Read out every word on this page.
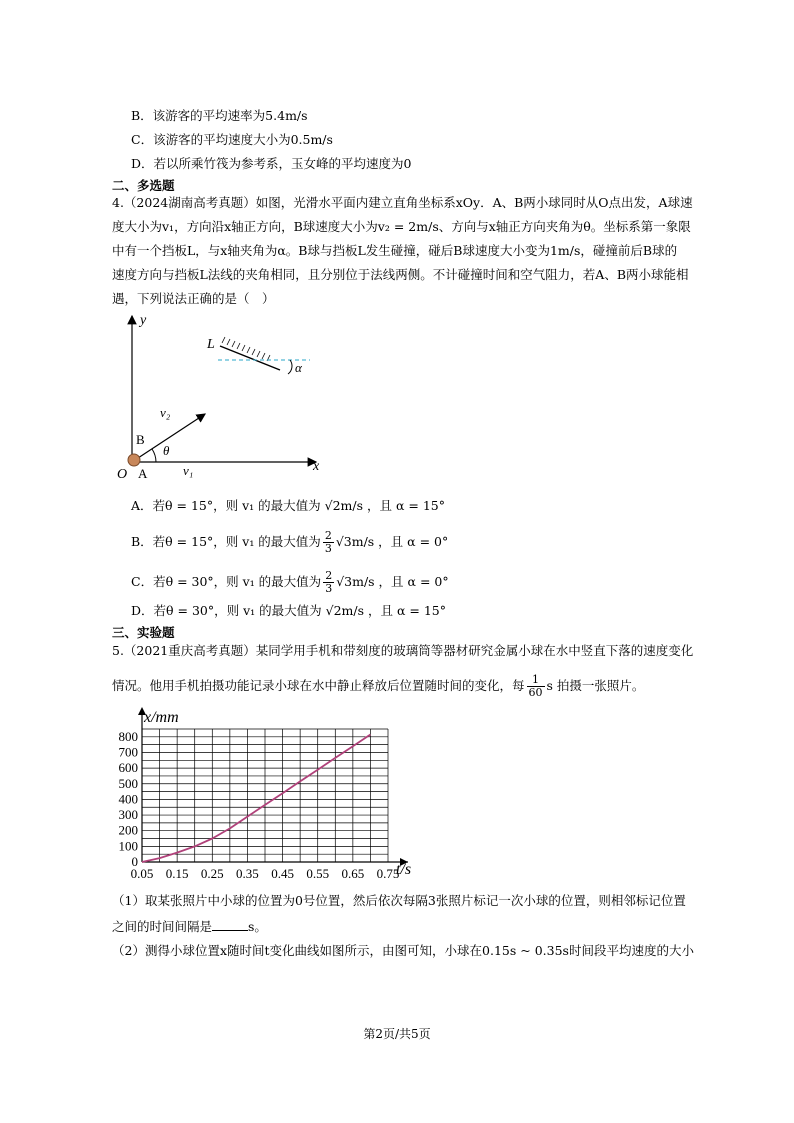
B．该游客的平均速率为5.4m/s
C．该游客的平均速度大小为0.5m/s
D．若以所乘竹筏为参考系，玉女峰的平均速度为0
二、多选题
4.（2024湖南高考真题）如图，光滑水平面内建立直角坐标系xOy．A、B两小球同时从O点出发，A球速
度大小为v₁，方向沿x轴正方向，B球速度大小为v₂ = 2m/s、方向与x轴正方向夹角为θ。坐标系第一象限
中有一个挡板L，与x轴夹角为α。B球与挡板L发生碰撞，碰后B球速度大小变为1m/s，碰撞前后B球的
速度方向与挡板L法线的夹角相同，且分别位于法线两侧。不计碰撞时间和空气阻力，若A、B两小球能相
遇，下列说法正确的是（　）
y
x
O A
B
v₂
θ
v₁
L
α
A．若θ = 15°，则 v₁ 的最大值为 √2m/s ，且 α = 15°
B．若θ = 15°，则 v₁ 的最大值为 $\frac{2}{3} √3m/s$ ，且 α = 0°
C．若θ = 30°，则 v₁ 的最大值为 $\frac{2}{3} √3m/s$ ，且 α = 0°
D．若θ = 30°，则 v₁ 的最大值为 √2m/s ，且 α = 15°
三、实验题
5.（2021重庆高考真题）某同学用手机和带刻度的玻璃筒等器材研究金属小球在水中竖直下落的速度变化
情况。他用手机拍摄功能记录小球在水中静止释放后位置随时间的变化，每 $\frac{1}{60}$ s 拍摄一张照片。
0.05 0.15 0.25 0.35 0.45 0.55 0.65 0.75
0
100
200
300
400
500
600
700
800
x/mm
t/s
（1）取某张照片中小球的位置为0号位置，然后依次每隔3张照片标记一次小球的位置，则相邻标记位置
之间的时间间隔是	s。
（2）测得小球位置x随时间t变化曲线如图所示，由图可知，小球在0.15s ~ 0.35s时间段平均速度的大小
第2页/共5页
